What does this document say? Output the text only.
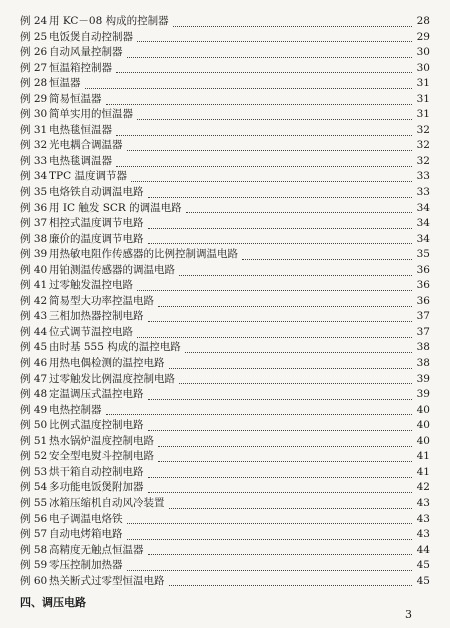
例 24 用 KC－08 构成的控制器	28
例 25 电饭煲自动控制器	29
例 26 自动风量控制器	30
例 27 恒温箱控制器	30
例 28 恒温器	31
例 29 简易恒温器	31
例 30 简单实用的恒温器	31
例 31 电热毯恒温器	32
例 32 光电耦合调温器	32
例 33 电热毯调温器	32
例 34 TPC 温度调节器	33
例 35 电烙铁自动调温电路	33
例 36 用 IC 触发 SCR 的调温电路	34
例 37 相控式温度调节电路	34
例 38 廉价的温度调节电路	34
例 39 用热敏电阻作传感器的比例控制调温电路	35
例 40 用铂测温传感器的调温电路	36
例 41 过零触发温控电路	36
例 42 简易型大功率控温电路	36
例 43 三相加热器控制电路	37
例 44 位式调节温控电路	37
例 45 由时基 555 构成的温控电路	38
例 46 用热电偶检测的温控电路	38
例 47 过零触发比例温度控制电路	39
例 48 定温调压式温控电路	39
例 49 电热控制器	40
例 50 比例式温度控制电路	40
例 51 热水锅炉温度控制电路	40
例 52 安全型电熨斗控制电路	41
例 53 烘干箱自动控制电路	41
例 54 多功能电饭煲附加器	42
例 55 冰箱压缩机自动风冷装置	43
例 56 电子调温电烙铁	43
例 57 自动电烤箱电路	43
例 58 高精度无触点恒温器	44
例 59 零压控制加热器	45
例 60 热关断式过零型恒温电路	45
四、调压电路
3
